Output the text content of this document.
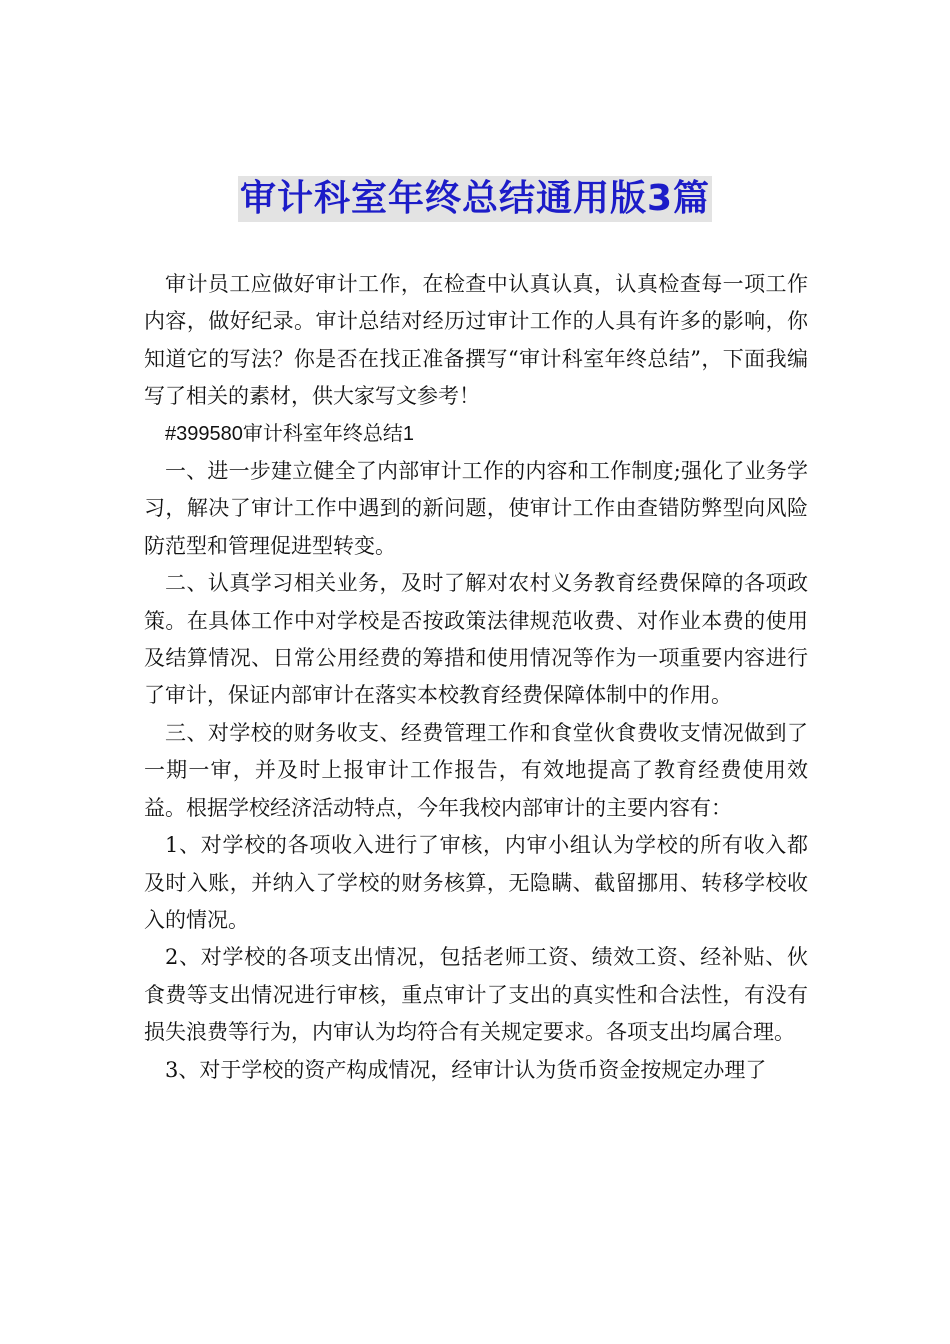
审计科室年终总结通用版3篇

审计员工应做好审计工作，在检查中认真认真，认真检查每一项工作内容，做好纪录。审计总结对经历过审计工作的人具有许多的影响，你知道它的写法？你是否在找正准备撰写“审计科室年终总结”，下面我编写了相关的素材，供大家写文参考！

#399580审计科室年终总结1

一、进一步建立健全了内部审计工作的内容和工作制度;强化了业务学习，解决了审计工作中遇到的新问题，使审计工作由查错防弊型向风险防范型和管理促进型转变。

二、认真学习相关业务，及时了解对农村义务教育经费保障的各项政策。在具体工作中对学校是否按政策法律规范收费、对作业本费的使用及结算情况、日常公用经费的筹措和使用情况等作为一项重要内容进行了审计，保证内部审计在落实本校教育经费保障体制中的作用。

三、对学校的财务收支、经费管理工作和食堂伙食费收支情况做到了一期一审，并及时上报审计工作报告，有效地提高了教育经费使用效益。根据学校经济活动特点，今年我校内部审计的主要内容有：

1、对学校的各项收入进行了审核，内审小组认为学校的所有收入都及时入账，并纳入了学校的财务核算，无隐瞒、截留挪用、转移学校收入的情况。

2、对学校的各项支出情况，包括老师工资、绩效工资、经补贴、伙食费等支出情况进行审核，重点审计了支出的真实性和合法性，有没有损失浪费等行为，内审认为均符合有关规定要求。各项支出均属合理。

3、对于学校的资产构成情况，经审计认为货币资金按规定办理了
